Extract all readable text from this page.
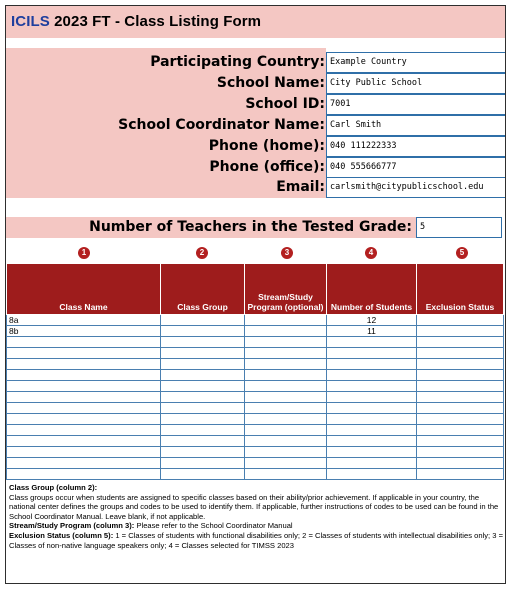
ICILS 2023 FT - Class Listing Form
Participating Country: Example Country
School Name: City Public School
School ID: 7001
School Coordinator Name: Carl Smith
Phone (home): 040 111222333
Phone (office): 040 555666777
Email: carlsmith@citypublicschool.edu
Number of Teachers in the Tested Grade: 5
1	2	3	4	5
Class Name	Class Group	Stream/Study Program (optional)	Number of Students	Exclusion Status
8a			12	
8b			11	

Class Group (column 2):
Class groups occur when students are assigned to specific classes based on their ability/prior achievement. If applicable in your country, the national center defines the groups and codes to be used to identify them. If applicable, further instructions of codes to be used can be found in the School Coordinator Manual. Leave blank, if not applicable.
Stream/Study Program (column 3): Please refer to the School Coordinator Manual
Exclusion Status (column 5): 1 = Classes of students with functional disabilities only; 2 = Classes of students with intellectual disabilities only; 3 = Classes of non-native language speakers only; 4 = Classes selected for TIMSS 2023
